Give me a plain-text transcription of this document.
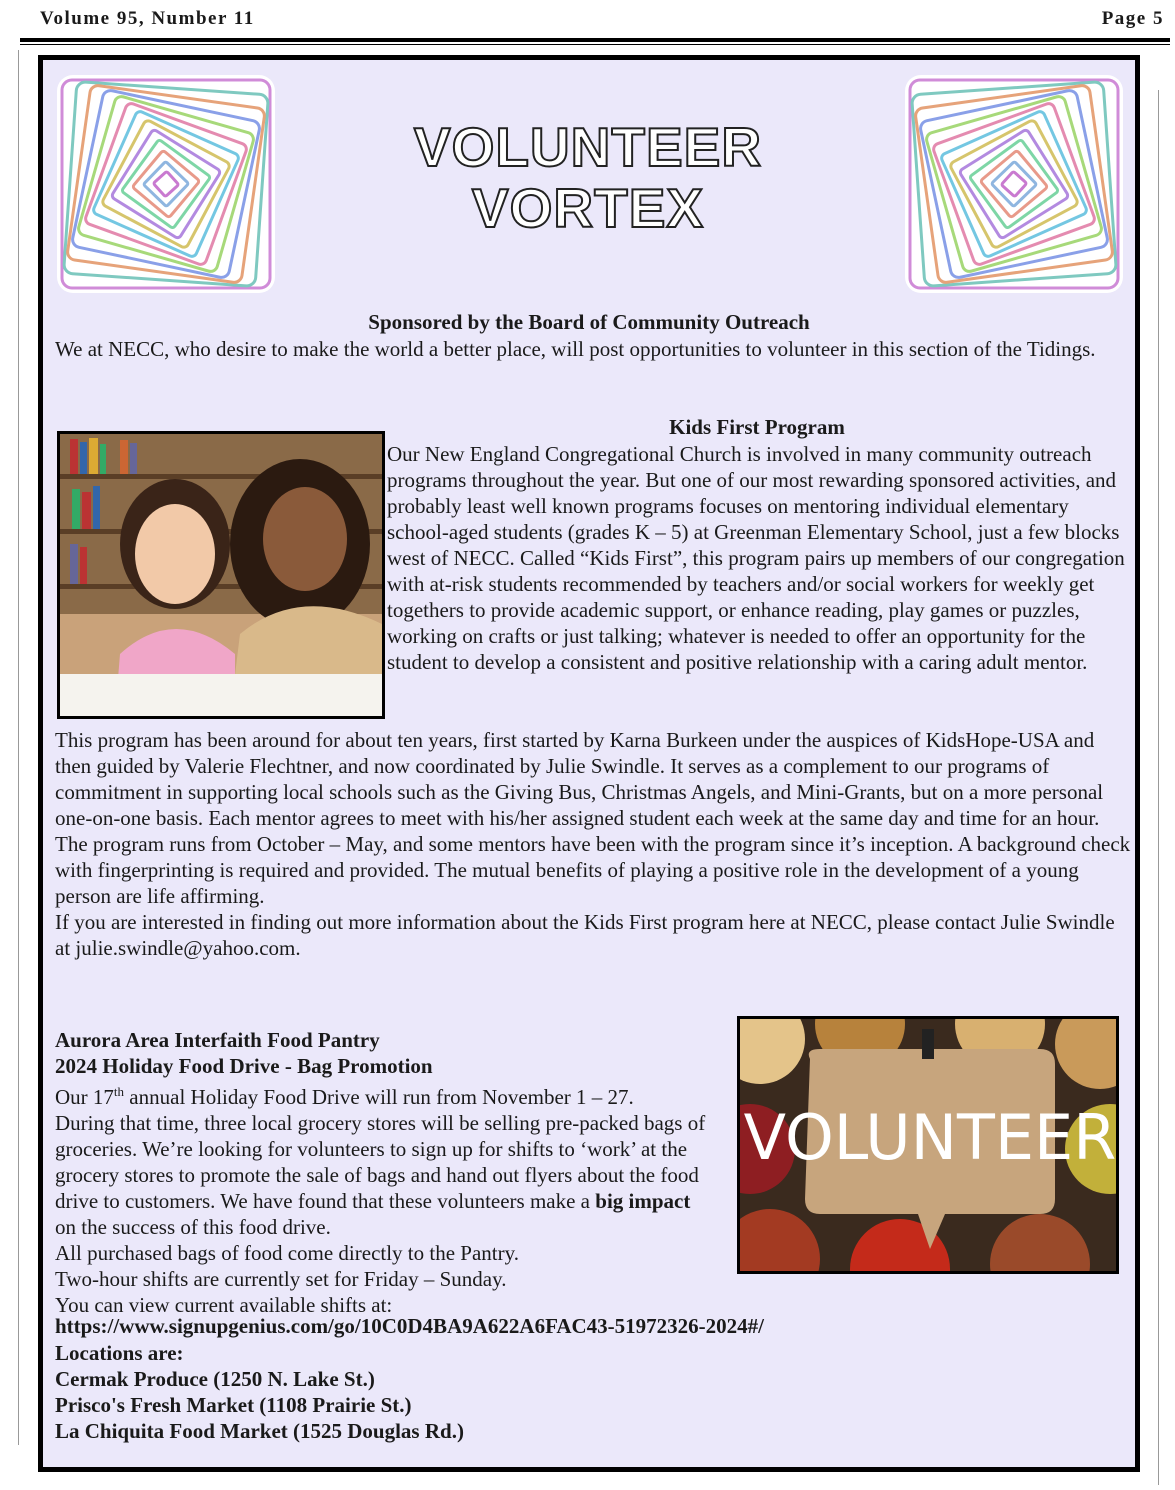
Volume 95, Number 11	Page 5
VOLUNTEER
VORTEX
Sponsored by the Board of Community Outreach
We at NECC, who desire to make the world a better place, will post opportunities to volunteer in this section of the Tidings.
Kids First Program
Our New England Congregational Church is involved in many community outreach programs throughout the year. But one of our most rewarding sponsored activities, and probably least well known programs focuses on mentoring individual elementary school-aged students (grades K – 5) at Greenman Elementary School, just a few blocks west of NECC. Called “Kids First”, this program pairs up members of our congregation with at-risk students recommended by teachers and/or social workers for weekly get togethers to provide academic support, or enhance reading, play games or puzzles, working on crafts or just talking; whatever is needed to offer an opportunity for the student to develop a consistent and positive relationship with a caring adult mentor.
This program has been around for about ten years, first started by Karna Burkeen under the auspices of KidsHope-USA and then guided by Valerie Flechtner, and now coordinated by Julie Swindle. It serves as a complement to our programs of commitment in supporting local schools such as the Giving Bus, Christmas Angels, and Mini-Grants, but on a more personal one-on-one basis. Each mentor agrees to meet with his/her assigned student each week at the same day and time for an hour. The program runs from October – May, and some mentors have been with the program since it’s inception. A background check with fingerprinting is required and provided. The mutual benefits of playing a positive role in the development of a young person are life affirming.
If you are interested in finding out more information about the Kids First program here at NECC, please contact Julie Swindle at julie.swindle@yahoo.com.
VOLUNTEER
Aurora Area Interfaith Food Pantry
2024 Holiday Food Drive - Bag Promotion
Our 17th annual Holiday Food Drive will run from November 1 – 27.
During that time, three local grocery stores will be selling pre-packed bags of groceries. We’re looking for volunteers to sign up for shifts to ‘work’ at the grocery stores to promote the sale of bags and hand out flyers about the food drive to customers. We have found that these volunteers make a big impact on the success of this food drive.
All purchased bags of food come directly to the Pantry.
Two-hour shifts are currently set for Friday – Sunday.
You can view current available shifts at:
https://www.signupgenius.com/go/10C0D4BA9A622A6FAC43-51972326-2024#/
Locations are:
Cermak Produce (1250 N. Lake St.)
Prisco's Fresh Market (1108 Prairie St.)
La Chiquita Food Market (1525 Douglas Rd.)
